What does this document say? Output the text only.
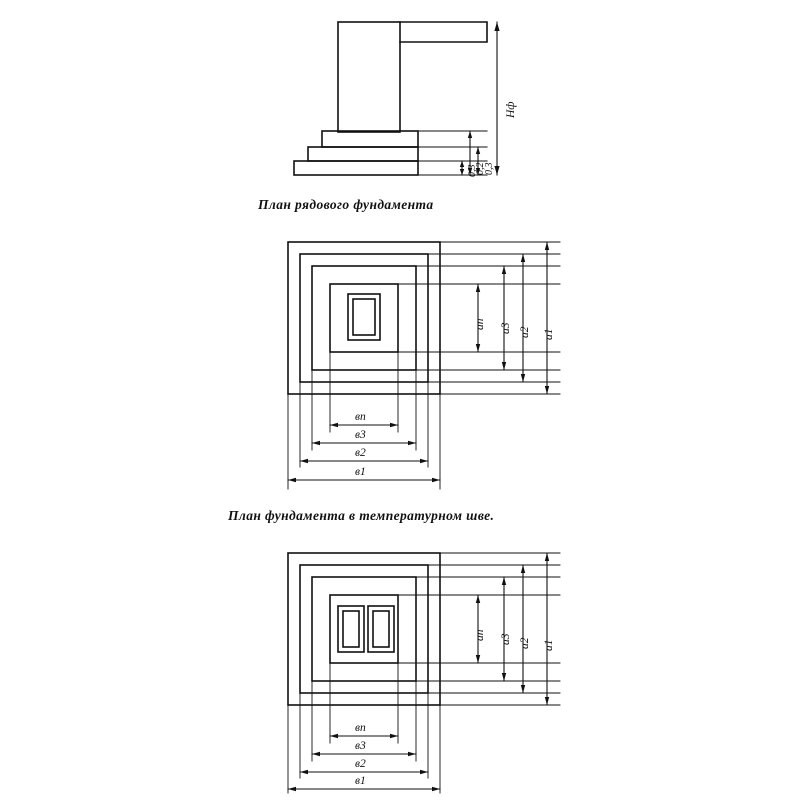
Нф
0,3
0,2
0,3
План рядового фундамента
ап а3 а2 а1
вп
в3
в2
в1
План фундамента в температурном шве.
ап а3 а2 а1
вп
в3
в2
в1
